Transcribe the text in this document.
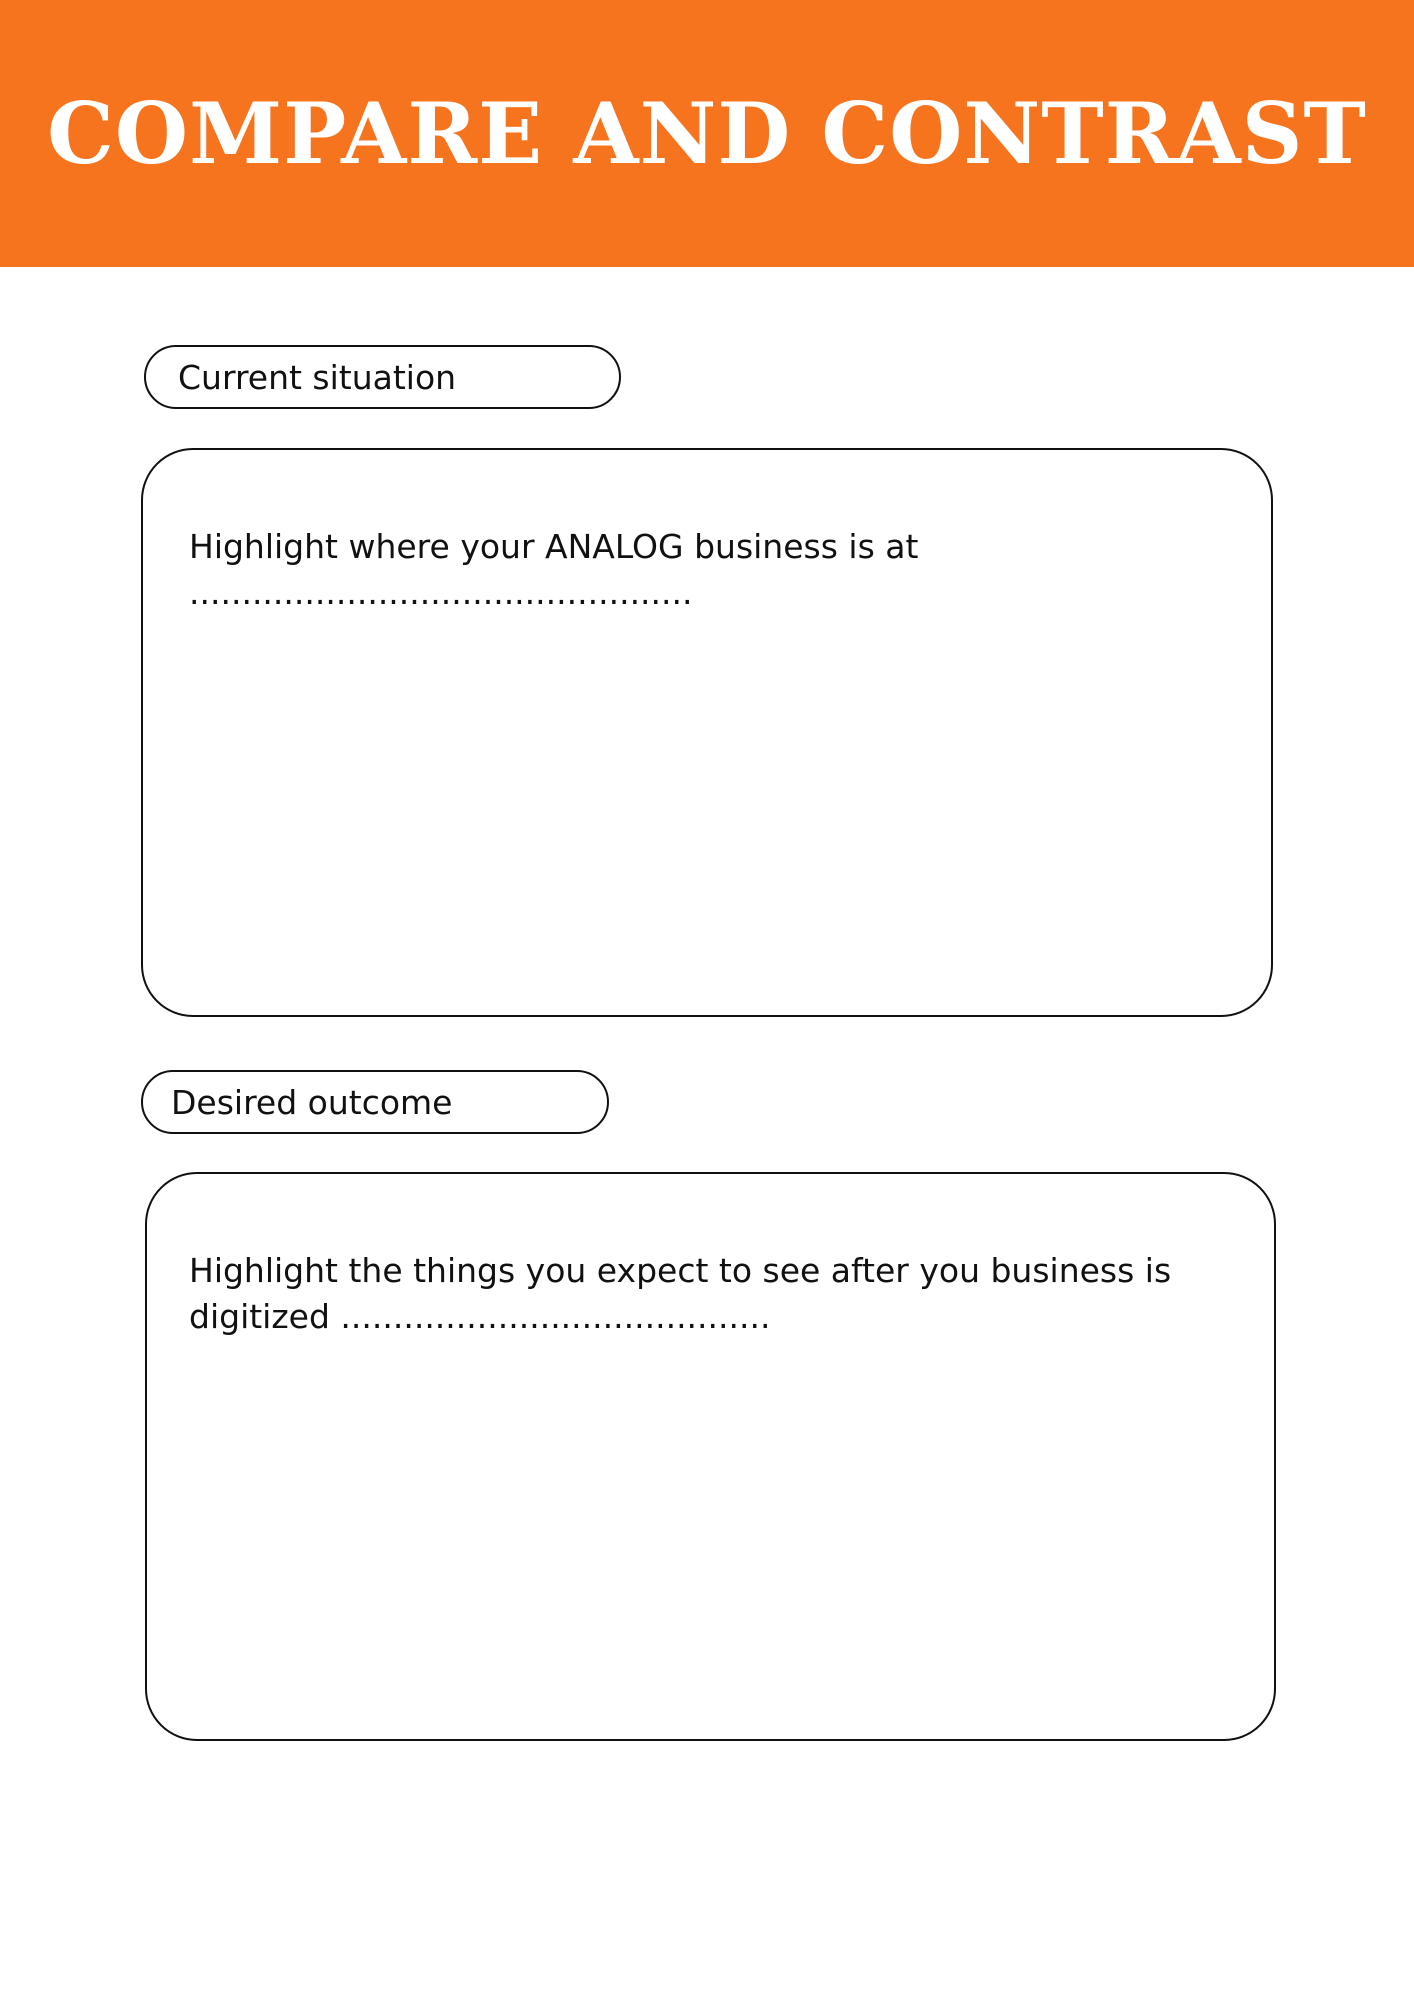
COMPARE AND CONTRAST
Current situation

Highlight where your ANALOG business is at
................................................

Desired outcome

Highlight the things you expect to see after you business is
digitized .........................................
